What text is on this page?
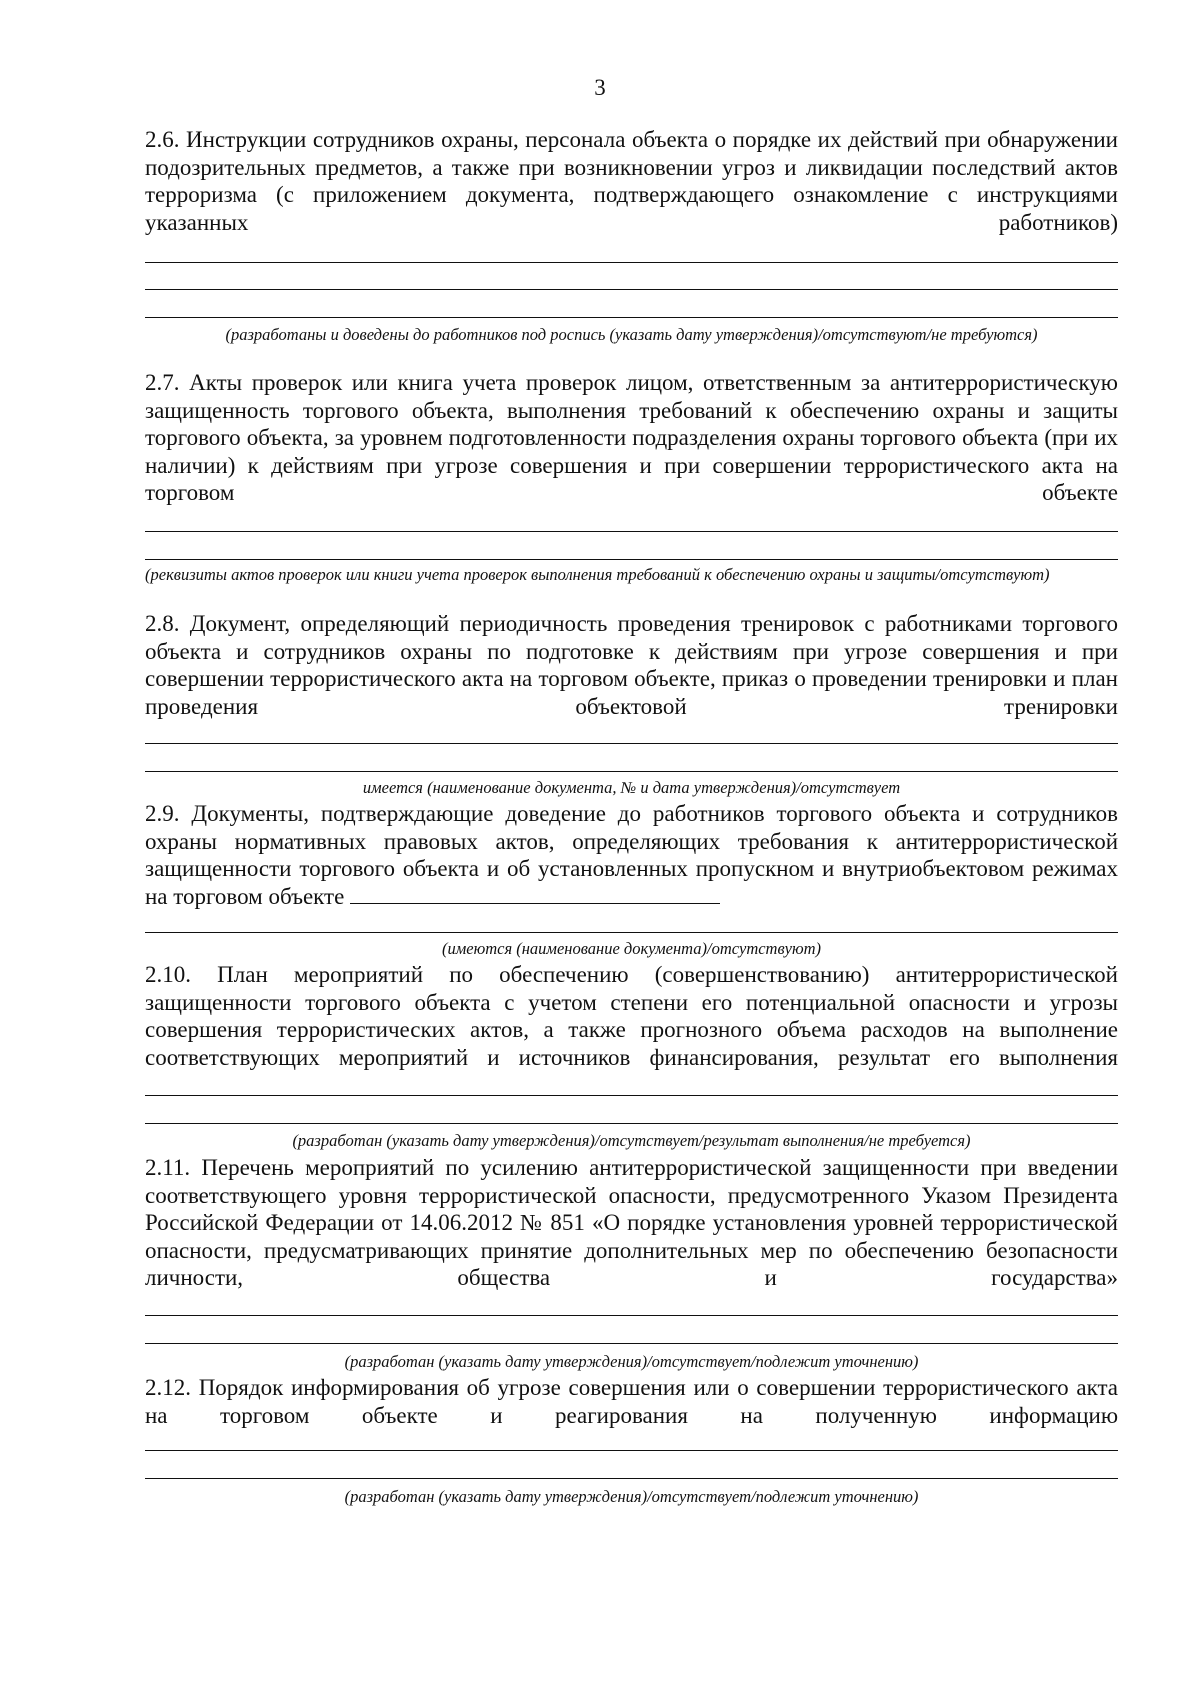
3

2.6. Инструкции сотрудников охраны, персонала объекта о порядке их действий при обнаружении подозрительных предметов, а также при возникновении угроз и ликвидации последствий актов терроризма (с приложением документа, подтверждающего ознакомление с инструкциями указанных работников)

(разработаны и доведены до работников под роспись (указать дату утверждения)/отсутствуют/не требуются)

2.7. Акты проверок или книга учета проверок лицом, ответственным за антитеррористическую защищенность торгового объекта, выполнения требований к обеспечению охраны и защиты торгового объекта, за уровнем подготовленности подразделения охраны торгового объекта (при их наличии) к действиям при угрозе совершения и при совершении террористического акта на торговом объекте

(реквизиты актов проверок или книги учета проверок выполнения требований к обеспечению охраны и защиты/отсутствуют)

2.8. Документ, определяющий периодичность проведения тренировок с работниками торгового объекта и сотрудников охраны по подготовке к действиям при угрозе совершения и при совершении террористического акта на торговом объекте, приказ о проведении тренировки и план проведения объектовой тренировки

имеется (наименование документа, № и дата утверждения)/отсутствует

2.9. Документы, подтверждающие доведение до работников торгового объекта и сотрудников охраны нормативных правовых актов, определяющих требования к антитеррористической защищенности торгового объекта и об установленных пропускном и внутриобъектовом режимах на торговом объекте

(имеются (наименование документа)/отсутствуют)

2.10. План мероприятий по обеспечению (совершенствованию) антитеррористической защищенности торгового объекта с учетом степени его потенциальной опасности и угрозы совершения террористических актов, а также прогнозного объема расходов на выполнение соответствующих мероприятий и источников финансирования, результат его выполнения

(разработан (указать дату утверждения)/отсутствует/результат выполнения/не требуется)

2.11. Перечень мероприятий по усилению антитеррористической защищенности при введении соответствующего уровня террористической опасности, предусмотренного Указом Президента Российской Федерации от 14.06.2012 № 851 «О порядке установления уровней террористической опасности, предусматривающих принятие дополнительных мер по обеспечению безопасности личности, общества и государства»

(разработан (указать дату утверждения)/отсутствует/подлежит уточнению)

2.12. Порядок информирования об угрозе совершения или о совершении террористического акта на торговом объекте и реагирования на полученную информацию

(разработан (указать дату утверждения)/отсутствует/подлежит уточнению)
